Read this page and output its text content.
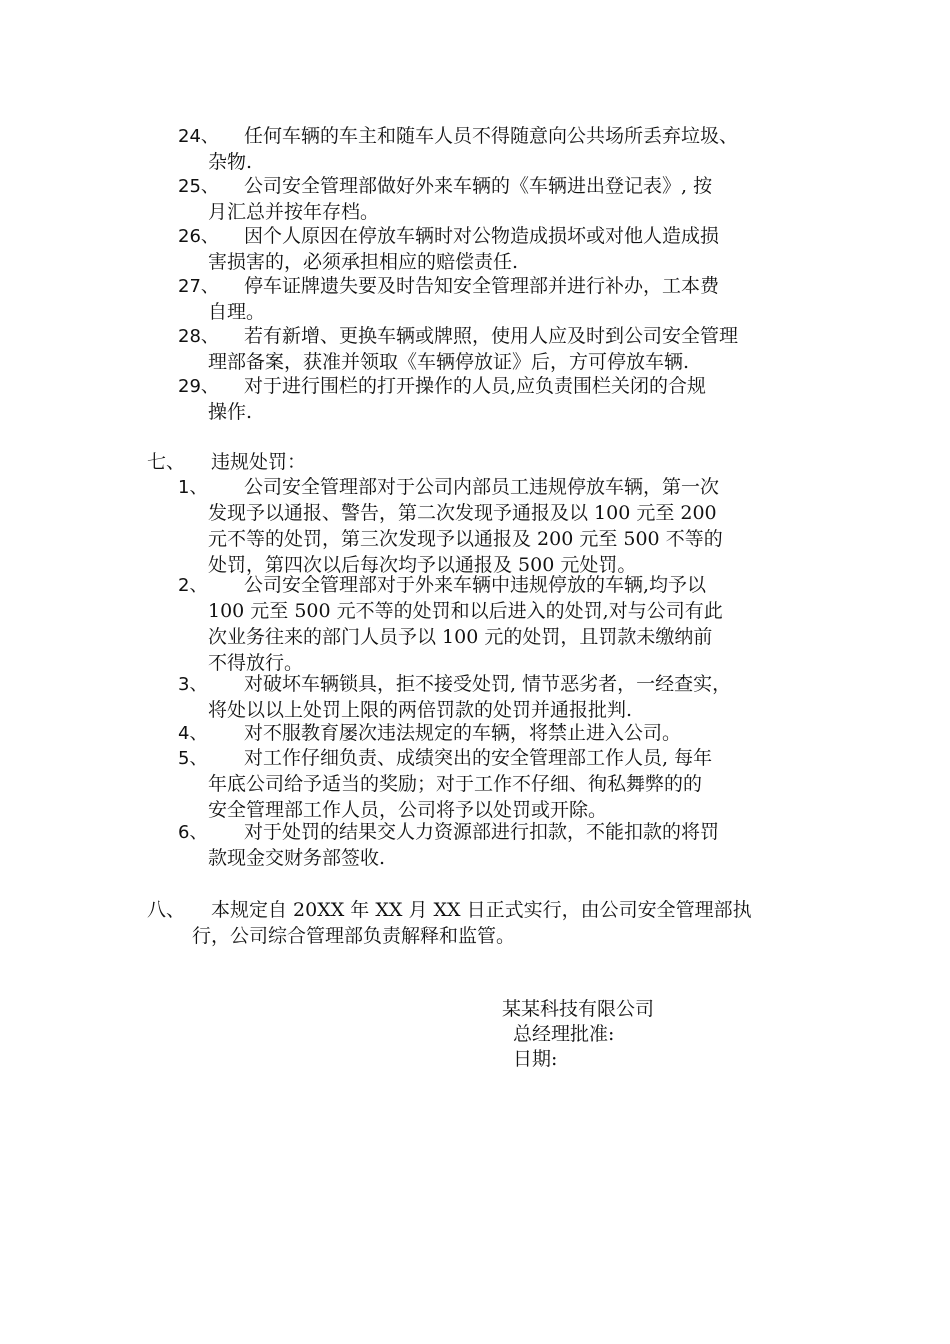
24、 任何车辆的车主和随车人员不得随意向公共场所丢弃垃圾、
杂物.
25、 公司安全管理部做好外来车辆的《车辆进出登记表》, 按
月汇总并按年存档。
26、 因个人原因在停放车辆时对公物造成损坏或对他人造成损
害损害的，必须承担相应的赔偿责任.
27、 停车证牌遗失要及时告知安全管理部并进行补办，工本费
自理。
28、 若有新增、更换车辆或牌照，使用人应及时到公司安全管理
理部备案，获准并领取《车辆停放证》后，方可停放车辆.
29、 对于进行围栏的打开操作的人员,应负责围栏关闭的合规
操作.
七、 违规处罚：
1、 公司安全管理部对于公司内部员工违规停放车辆，第一次
发现予以通报、警告，第二次发现予通报及以 100 元至 200
元不等的处罚，第三次发现予以通报及 200 元至 500 不等的
处罚，第四次以后每次均予以通报及 500 元处罚。
2、 公司安全管理部对于外来车辆中违规停放的车辆,均予以
100 元至 500 元不等的处罚和以后进入的处罚,对与公司有此
次业务往来的部门人员予以 100 元的处罚，且罚款未缴纳前
不得放行。
3、 对破坏车辆锁具，拒不接受处罚, 情节恶劣者，一经查实，
将处以以上处罚上限的两倍罚款的处罚并通报批判.
4、 对不服教育屡次违法规定的车辆，将禁止进入公司。
5、 对工作仔细负责、成绩突出的安全管理部工作人员, 每年
年底公司给予适当的奖励；对于工作不仔细、徇私舞弊的的
安全管理部工作人员，公司将予以处罚或开除。
6、 对于处罚的结果交人力资源部进行扣款，不能扣款的将罚
款现金交财务部签收.
八、 本规定自 20XX 年 XX 月 XX 日正式实行，由公司安全管理部执
行，公司综合管理部负责解释和监管。
某某科技有限公司
总经理批准:
日期:
